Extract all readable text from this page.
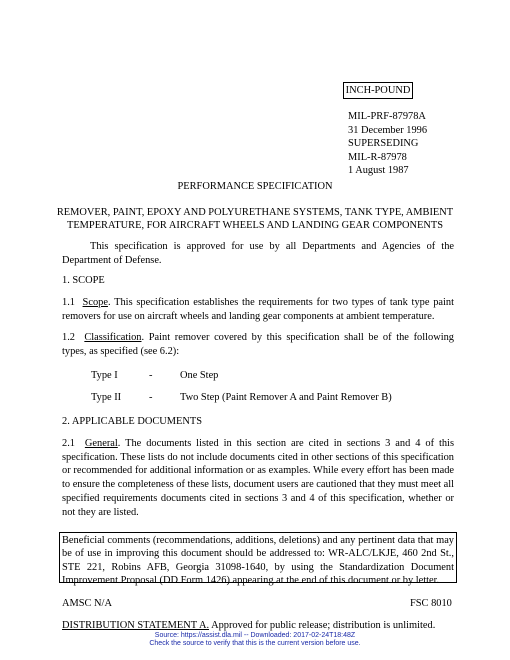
INCH-POUND
MIL-PRF-87978A
31 December 1996
SUPERSEDING
MIL-R-87978
1 August 1987
PERFORMANCE SPECIFICATION
REMOVER, PAINT, EPOXY AND POLYURETHANE SYSTEMS, TANK TYPE, AMBIENT
TEMPERATURE, FOR AIRCRAFT WHEELS AND LANDING GEAR COMPONENTS

This specification is approved for use by all Departments and Agencies of the Department of Defense.

1. SCOPE

1.1 Scope. This specification establishes the requirements for two types of tank type paint removers for use on aircraft wheels and landing gear components at ambient temperature.

1.2 Classification. Paint remover covered by this specification shall be of the following types, as specified (see 6.2):

Type I	-	One Step
Type II	-	Two Step (Paint Remover A and Paint Remover B)
2. APPLICABLE DOCUMENTS

2.1 General. The documents listed in this section are cited in sections 3 and 4 of this specification. These lists do not include documents cited in other sections of this specification or recommended for additional information or as examples. While every effort has been made to ensure the completeness of these lists, document users are cautioned that they must meet all specified requirements documents cited in sections 3 and 4 of this specification, whether or not they are listed.

Beneficial comments (recommendations, additions, deletions) and any pertinent data that may be of use in improving this document should be addressed to: WR-ALC/LKJE, 460 2nd St., STE 221, Robins AFB, Georgia 31098-1640, by using the Standardization Document Improvement Proposal (DD Form 1426) appearing at the end of this document or by letter.
AMSC N/A	FSC 8010
DISTRIBUTION STATEMENT A. Approved for public release; distribution is unlimited.
Source: https://assist.dla.mil -- Downloaded: 2017-02-24T18:48Z
Check the source to verify that this is the current version before use.
